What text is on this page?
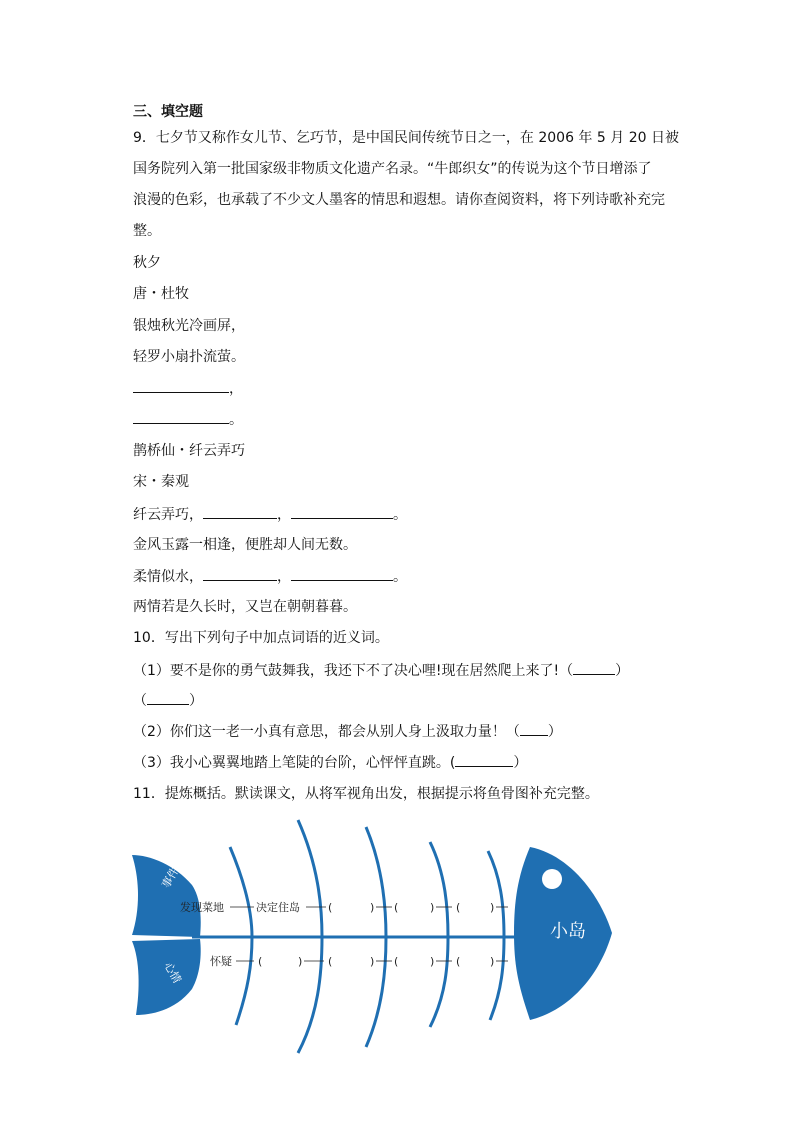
三、填空题
9．七夕节又称作女儿节、乞巧节，是中国民间传统节日之一，在 2006 年 5 月 20 日被
国务院列入第一批国家级非物质文化遗产名录。“牛郎织女”的传说为这个节日增添了
浪漫的色彩，也承载了不少文人墨客的情思和遐想。请你查阅资料，将下列诗歌补充完
整。
秋夕
唐・杜牧
银烛秋光冷画屏，
轻罗小扇扑流萤。
，
。
鹊桥仙・纤云弄巧
宋・秦观
纤云弄巧，	，	。
金风玉露一相逢，便胜却人间无数。
柔情似水，	，	。
两情若是久长时，又岂在朝朝暮暮。
10．写出下列句子中加点词语的近义词。
（1）要不是你的勇气鼓舞我，我还下不了决心哩!现在居然爬上来了!（	）
（	）
（2）你们这一老一小真有意思，都会从别人身上汲取力量！（ ）
（3）我小心翼翼地踏上笔陡的台阶，心怦怦直跳。(	）
11．提炼概括。默读课文，从将军视角出发，根据提示将鱼骨图补充完整。
事件
心情
小岛
发现菜地	决定住岛	(	) (	) (	)
怀疑 (	) (	) (	) (	)
